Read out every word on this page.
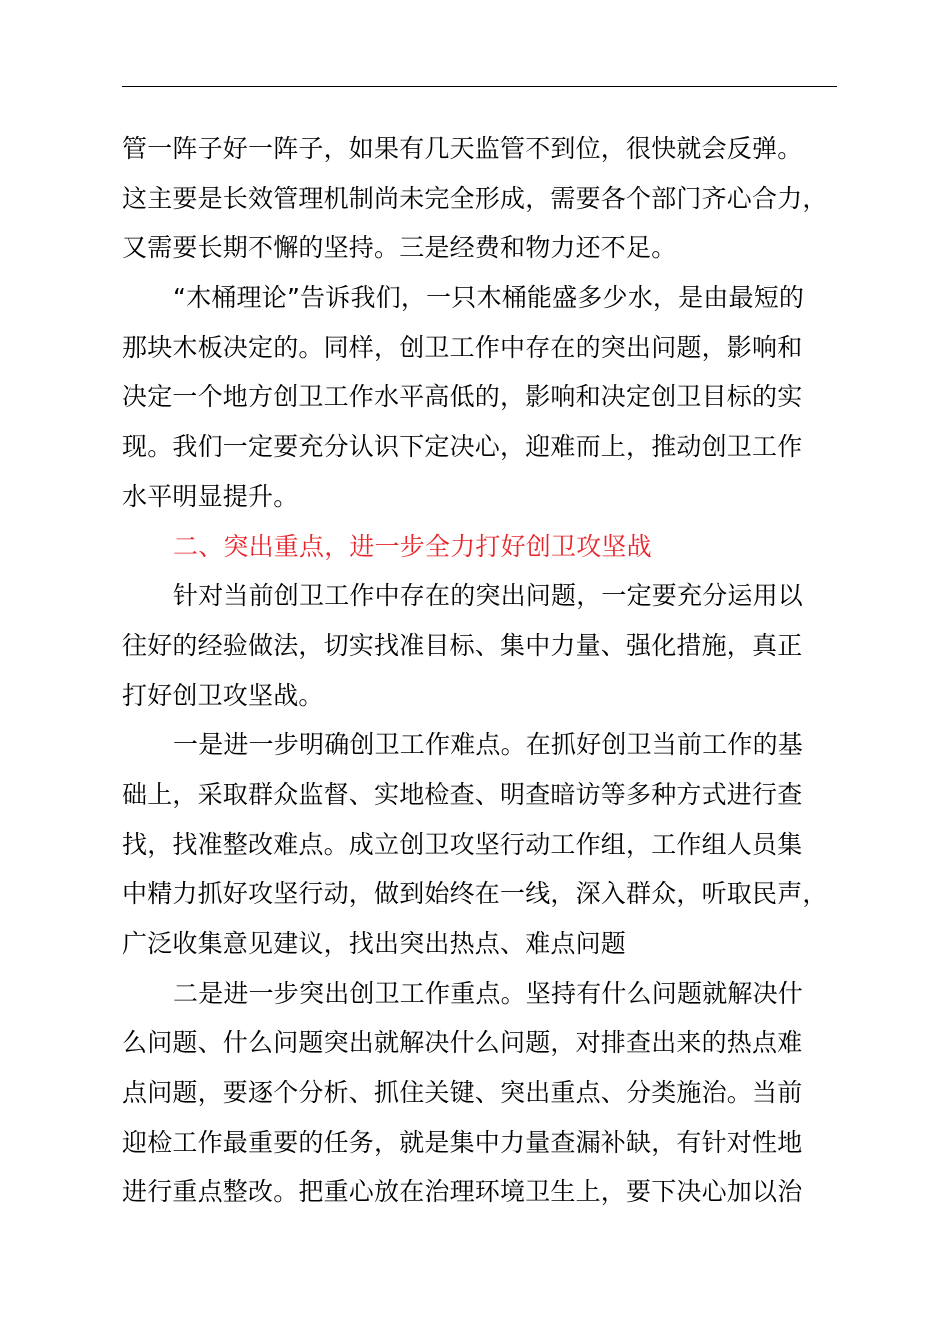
管一阵子好一阵子，如果有几天监管不到位，很快就会反弹。
这主要是长效管理机制尚未完全形成，需要各个部门齐心合力，
又需要长期不懈的坚持。三是经费和物力还不足。
“木桶理论”告诉我们，一只木桶能盛多少水，是由最短的
那块木板决定的。同样，创卫工作中存在的突出问题，影响和
决定一个地方创卫工作水平高低的，影响和决定创卫目标的实
现。我们一定要充分认识下定决心，迎难而上，推动创卫工作
水平明显提升。
二、突出重点，进一步全力打好创卫攻坚战
针对当前创卫工作中存在的突出问题，一定要充分运用以
往好的经验做法，切实找准目标、集中力量、强化措施，真正
打好创卫攻坚战。
一是进一步明确创卫工作难点。在抓好创卫当前工作的基
础上，采取群众监督、实地检查、明查暗访等多种方式进行查
找，找准整改难点。成立创卫攻坚行动工作组，工作组人员集
中精力抓好攻坚行动，做到始终在一线，深入群众，听取民声，
广泛收集意见建议，找出突出热点、难点问题
二是进一步突出创卫工作重点。坚持有什么问题就解决什
么问题、什么问题突出就解决什么问题，对排查出来的热点难
点问题，要逐个分析、抓住关键、突出重点、分类施治。当前
迎检工作最重要的任务，就是集中力量查漏补缺，有针对性地
进行重点整改。把重心放在治理环境卫生上，要下决心加以治
